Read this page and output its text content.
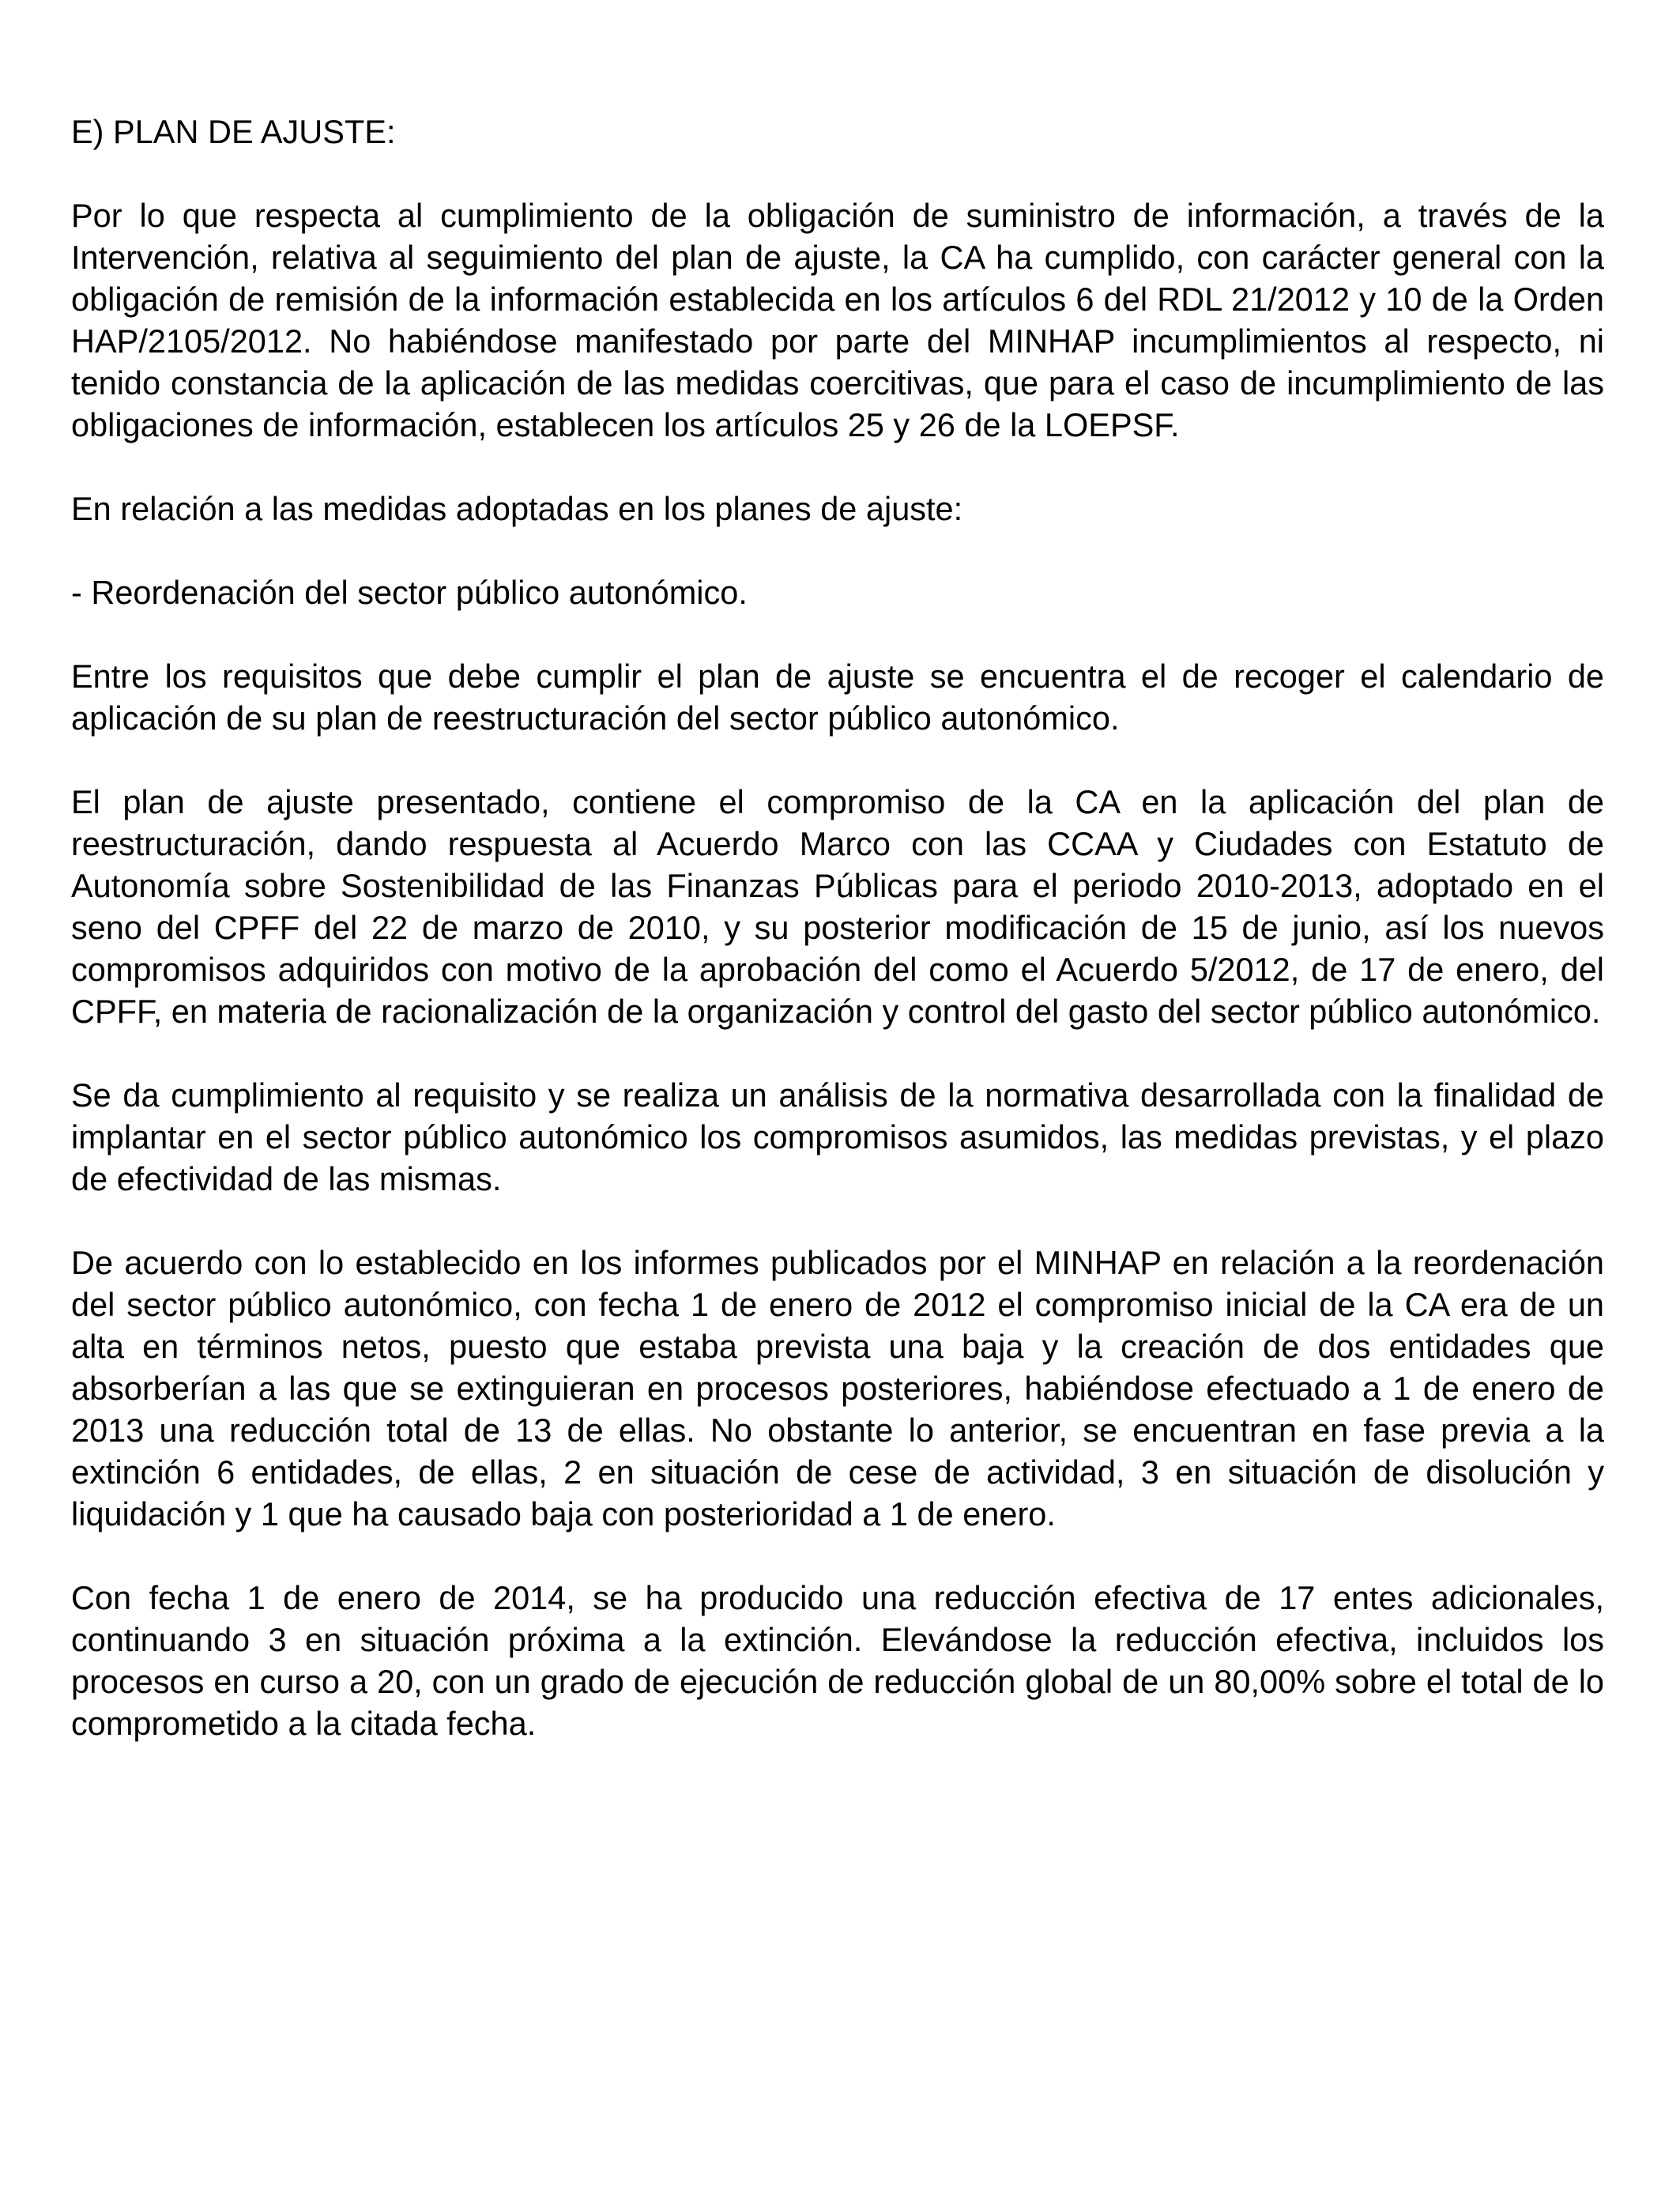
E) PLAN DE AJUSTE:

Por lo que respecta al cumplimiento de la obligación de suministro de información, a través de la Intervención, relativa al seguimiento del plan de ajuste, la CA ha cumplido, con carácter general con la obligación de remisión de la información establecida en los artículos 6 del RDL 21/2012 y 10 de la Orden HAP/2105/2012. No habiéndose manifestado por parte del MINHAP incumplimientos al respecto, ni tenido constancia de la aplicación de las medidas coercitivas, que para el caso de incumplimiento de las obligaciones de información, establecen los artículos 25 y 26 de la LOEPSF.

En relación a las medidas adoptadas en los planes de ajuste:

- Reordenación del sector público autonómico.

Entre los requisitos que debe cumplir el plan de ajuste se encuentra el de recoger el calendario de aplicación de su plan de reestructuración del sector público autonómico.

El plan de ajuste presentado, contiene el compromiso de la CA en la aplicación del plan de reestructuración, dando respuesta al Acuerdo Marco con las CCAA y Ciudades con Estatuto de Autonomía sobre Sostenibilidad de las Finanzas Públicas para el periodo 2010-2013, adoptado en el seno del CPFF del 22 de marzo de 2010, y su posterior modificación de 15 de junio, así los nuevos compromisos adquiridos con motivo de la aprobación del como el Acuerdo 5/2012, de 17 de enero, del CPFF, en materia de racionalización de la organización y control del gasto del sector público autonómico.

Se da cumplimiento al requisito y se realiza un análisis de la normativa desarrollada con la finalidad de implantar en el sector público autonómico los compromisos asumidos, las medidas previstas, y el plazo de efectividad de las mismas.

De acuerdo con lo establecido en los informes publicados por el MINHAP en relación a la reordenación del sector público autonómico, con fecha 1 de enero de 2012 el compromiso inicial de la CA era de un alta en términos netos, puesto que estaba prevista una baja y la creación de dos entidades que absorberían a las que se extinguieran en procesos posteriores, habiéndose efectuado a 1 de enero de 2013 una reducción total de 13 de ellas. No obstante lo anterior, se encuentran en fase previa a la extinción 6 entidades, de ellas, 2 en situación de cese de actividad, 3 en situación de disolución y liquidación y 1 que ha causado baja con posterioridad a 1 de enero.

Con fecha 1 de enero de 2014, se ha producido una reducción efectiva de 17 entes adicionales, continuando 3 en situación próxima a la extinción. Elevándose la reducción efectiva, incluidos los procesos en curso a 20, con un grado de ejecución de reducción global de un 80,00% sobre el total de lo comprometido a la citada fecha.
